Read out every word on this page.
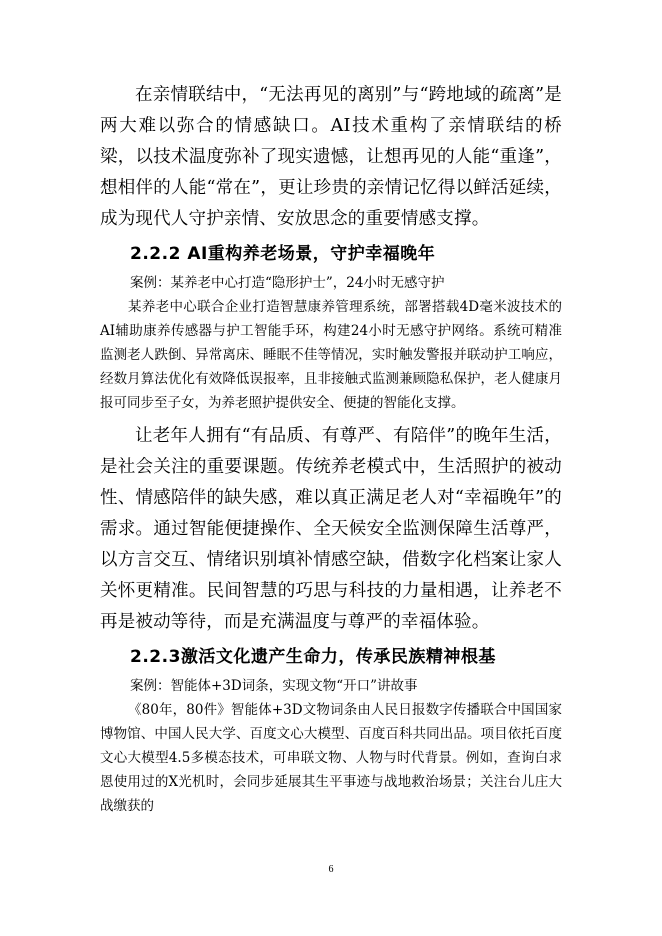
在亲情联结中，“无法再见的离别”与“跨地域的疏离”是两大难以弥合的情感缺口。AI技术重构了亲情联结的桥梁，以技术温度弥补了现实遗憾，让想再见的人能“重逢”，想相伴的人能“常在”，更让珍贵的亲情记忆得以鲜活延续，成为现代人守护亲情、安放思念的重要情感支撑。

2.2.2 AI重构养老场景，守护幸福晚年

案例：某养老中心打造“隐形护士”，24小时无感守护

某养老中心联合企业打造智慧康养管理系统，部署搭载4D毫米波技术的AI辅助康养传感器与护工智能手环，构建24小时无感守护网络。系统可精准监测老人跌倒、异常离床、睡眠不佳等情况，实时触发警报并联动护工响应，经数月算法优化有效降低误报率，且非接触式监测兼顾隐私保护，老人健康月报可同步至子女，为养老照护提供安全、便捷的智能化支撑。

让老年人拥有“有品质、有尊严、有陪伴”的晚年生活，是社会关注的重要课题。传统养老模式中，生活照护的被动性、情感陪伴的缺失感，难以真正满足老人对“幸福晚年”的需求。通过智能便捷操作、全天候安全监测保障生活尊严，以方言交互、情绪识别填补情感空缺，借数字化档案让家人关怀更精准。民间智慧的巧思与科技的力量相遇，让养老不再是被动等待，而是充满温度与尊严的幸福体验。

2.2.3激活文化遗产生命力，传承民族精神根基

案例：智能体+3D词条，实现文物“开口”讲故事

《80年，80件》智能体+3D文物词条由人民日报数字传播联合中国国家博物馆、中国人民大学、百度文心大模型、百度百科共同出品。项目依托百度文心大模型4.5多模态技术，可串联文物、人物与时代背景。例如，查询白求恩使用过的X光机时，会同步延展其生平事迹与战地救治场景；关注台儿庄大战缴获的

6
